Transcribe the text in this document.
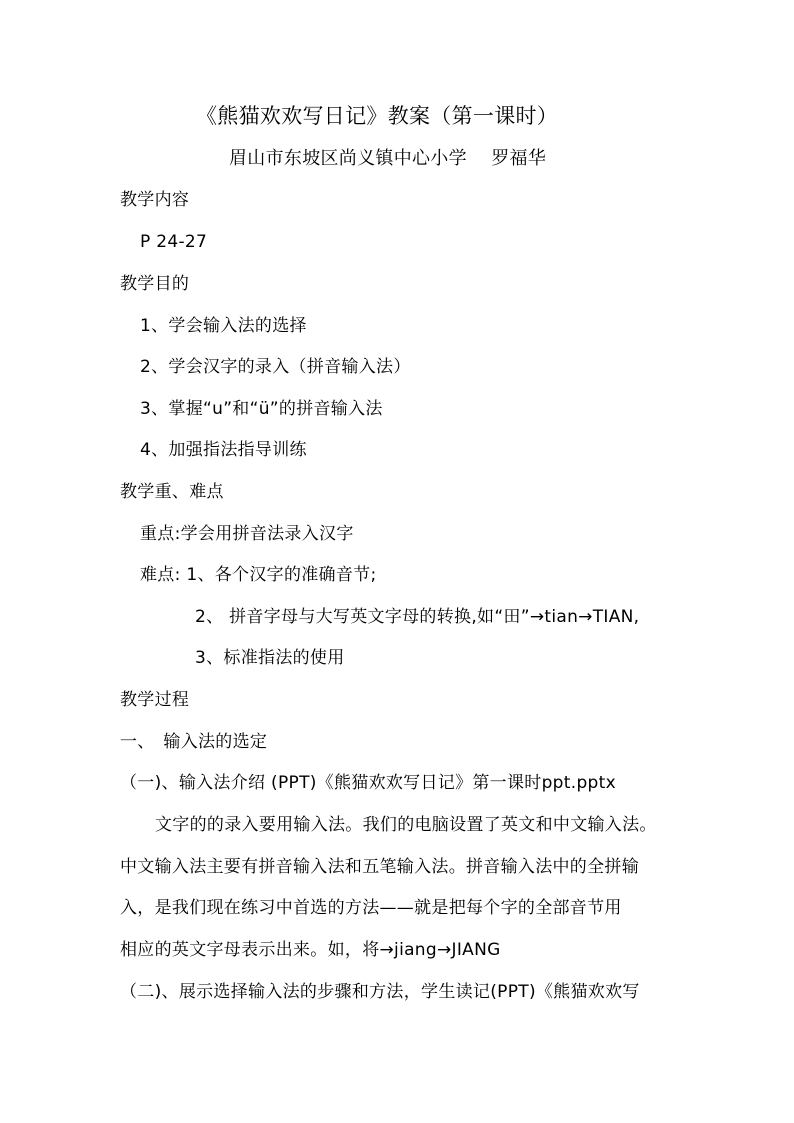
《熊猫欢欢写日记》教案（第一课时）
眉山市东坡区尚义镇中心小学　 罗福华
教学内容
P 24-27
教学目的
1、学会输入法的选择
2、学会汉字的录入（拼音输入法）
3、掌握“u”和“ü”的拼音输入法
4、加强指法指导训练
教学重、难点
重点:学会用拼音法录入汉字
难点: 1、各个汉字的准确音节;
2、 拼音字母与大写英文字母的转换,如“田”→tian→TIAN,
3、标准指法的使用
教学过程
一、　输入法的选定
（一)、输入法介绍 (PPT)《熊猫欢欢写日记》第一课时ppt.pptx
文字的的录入要用输入法。我们的电脑设置了英文和中文输入法。
中文输入法主要有拼音输入法和五笔输入法。拼音输入法中的全拼输
入，是我们现在练习中首选的方法——就是把每个字的全部音节用
相应的英文字母表示出来。如，将→jiang→JIANG
（二)、展示选择输入法的步骤和方法，学生读记(PPT)《熊猫欢欢写
